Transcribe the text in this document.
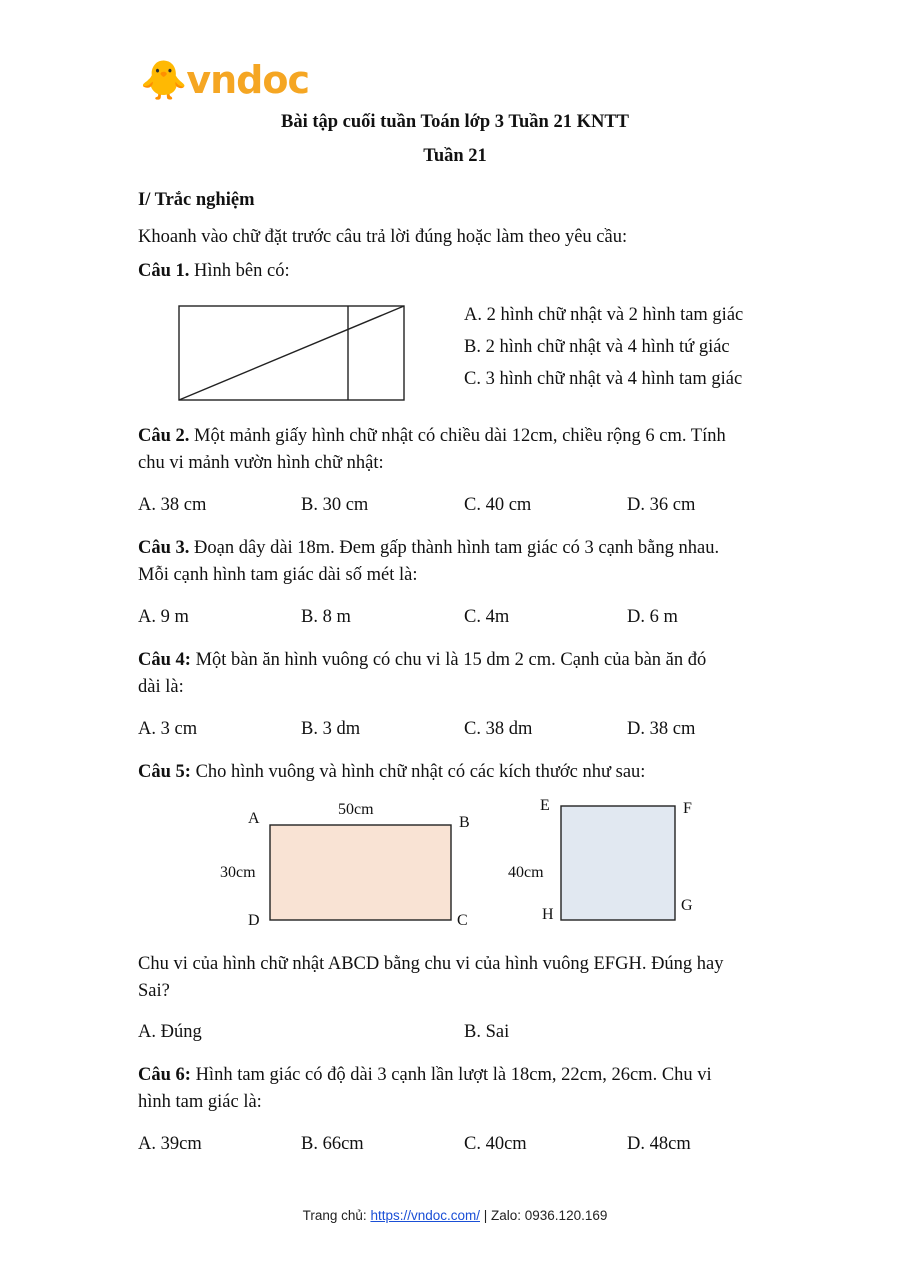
🐥vndoc
Bài tập cuối tuần Toán lớp 3 Tuần 21 KNTT
Tuần 21
I/ Trắc nghiệm
Khoanh vào chữ đặt trước câu trả lời đúng hoặc làm theo yêu cầu:
Câu 1. Hình bên có:
A. 2 hình chữ nhật và 2 hình tam giác
B. 2 hình chữ nhật và 4 hình tứ giác
C. 3 hình chữ nhật và 4 hình tam giác
Câu 2. Một mảnh giấy hình chữ nhật có chiều dài 12cm, chiều rộng 6 cm. Tính
chu vi mảnh vườn hình chữ nhật:
A. 38 cm	B. 30 cm	C. 40 cm	D. 36 cm
Câu 3. Đoạn dây dài 18m. Đem gấp thành hình tam giác có 3 cạnh bằng nhau.
Mỗi cạnh hình tam giác dài số mét là:
A. 9 m	B. 8 m	C. 4m	D. 6 m
Câu 4: Một bàn ăn hình vuông có chu vi là 15 dm 2 cm. Cạnh của bàn ăn đó
dài là:
A. 3 cm	B. 3 dm	C. 38 dm	D. 38 cm
Câu 5: Cho hình vuông và hình chữ nhật có các kích thước như sau:
A	B
C
D
50cm
30cm
E	F
G
H
40cm
Chu vi của hình chữ nhật ABCD bằng chu vi của hình vuông EFGH. Đúng hay
Sai?
A. Đúng	B. Sai
Câu 6: Hình tam giác có độ dài 3 cạnh lần lượt là 18cm, 22cm, 26cm. Chu vi
hình tam giác là:
A. 39cm	B. 66cm	C. 40cm	D. 48cm
Trang chủ: https://vndoc.com/ | Zalo: 0936.120.169
